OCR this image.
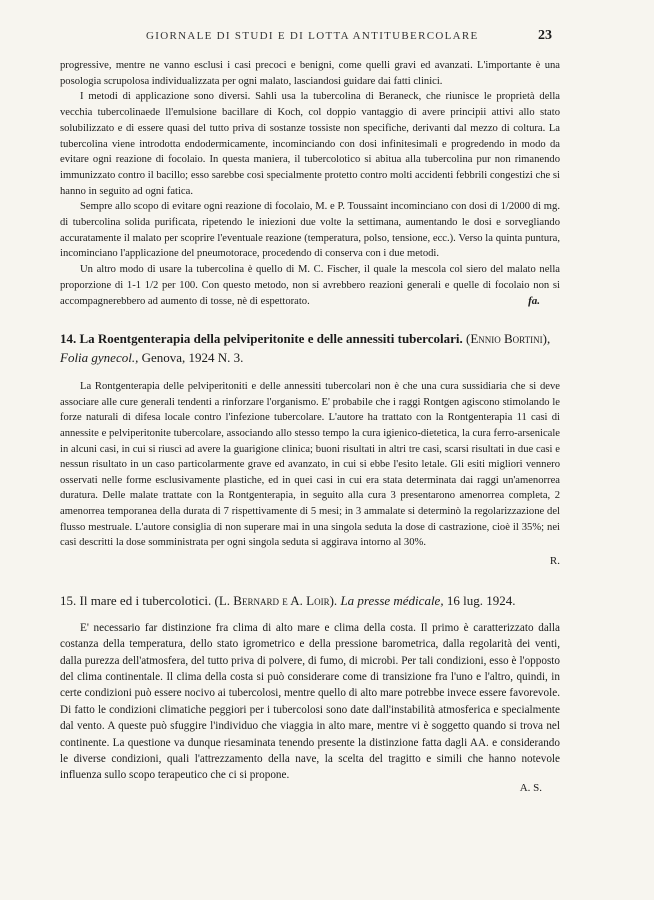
GIORNALE DI STUDI E DI LOTTA ANTITUBERCOLARE	23

progressive, mentre ne vanno esclusi i casi precoci e benigni, come quelli gravi ed avanzati. L'importante è una posologia scrupolosa individualizzata per ogni malato, lasciandosi guidare dai fatti clinici.

I metodi di applicazione sono diversi. Sahli usa la tubercolina di Beraneck, che riunisce le proprietà della vecchia tubercolinaede ll'emulsione bacillare di Koch, col doppio vantaggio di avere principii attivi allo stato solubilizzato e di essere quasi del tutto priva di sostanze tossiste non specifiche, derivanti dal mezzo di coltura. La tubercolina viene introdotta endodermicamente, incominciando con dosi infinitesimali e progredendo in modo da evitare ogni reazione di focolaio. In questa maniera, il tubercolotico si abitua alla tubercolina pur non rimanendo immunizzato contro il bacillo; esso sarebbe così specialmente protetto contro molti accidenti febbrili congestizi che si hanno in seguito ad ogni fatica.

Sempre allo scopo di evitare ogni reazione di focolaio, M. e P. Toussaint incominciano con dosi di 1/2000 di mg. di tubercolina solida purificata, ripetendo le iniezioni due volte la settimana, aumentando le dosi e sorvegliando accuratamente il malato per scoprire l'eventuale reazione (temperatura, polso, tensione, ecc.). Verso la quinta puntura, incominciano l'applicazione del pneumotorace, procedendo di conserva con i due metodi.

Un altro modo di usare la tubercolina è quello di M. C. Fischer, il quale la mescola col siero del malato nella proporzione di 1-1 1/2 per 100. Con questo metodo, non si avrebbero reazioni generali e quelle di focolaio non si accompagnerebbero ad aumento di tosse, nè di espettorato.	fa.
14. La Roentgenterapia della pelviperitonite e delle annessiti tubercolari. (Ennio Bortini), Folia gynecol., Genova, 1924 N. 3.

La Rontgenterapia delle pelviperitoniti e delle annessiti tubercolari non è che una cura sussidiaria che si deve associare alle cure generali tendenti a rinforzare l'organismo. E' probabile che i raggi Rontgen agiscono stimolando le forze naturali di difesa locale contro l'infezione tubercolare. L'autore ha trattato con la Rontgenterapia 11 casi di annessite e pelviperitonite tubercolare, associando allo stesso tempo la cura igienico-dietetica, la cura ferro-arsenicale in alcuni casi, in cui si riuscì ad avere la guarigione clinica; buoni risultati in altri tre casi, scarsi risultati in due casi e nessun risultato in un caso particolarmente grave ed avanzato, in cui si ebbe l'esito letale. Gli esiti migliori vennero osservati nelle forme esclusivamente plastiche, ed in quei casi in cui era stata determinata dai raggi un'amenorrea duratura. Delle malate trattate con la Rontgenterapia, in seguito alla cura 3 presentarono amenorrea completa, 2 amenorrea temporanea della durata di 7 rispettivamente di 5 mesi; in 3 ammalate si determinò la regolarizzazione del flusso mestruale. L'autore consiglia di non superare mai in una singola seduta la dose di castrazione, cioè il 35%; nei casi descritti la dose somministrata per ogni singola seduta si aggirava intorno al 30%.

R.
15. Il mare ed i tubercolotici. (L. Bernard e A. Loir). La presse médicale, 16 lug. 1924.

E' necessario far distinzione fra clima di alto mare e clima della costa. Il primo è caratterizzato dalla costanza della temperatura, dello stato igrometrico e della pressione barometrica, dalla regolarità dei venti, dalla purezza dell'atmosfera, del tutto priva di polvere, di fumo, di microbi. Per tali condizioni, esso è l'opposto del clima continentale. Il clima della costa si può considerare come di transizione fra l'uno e l'altro, quindi, in certe condizioni può essere nocivo ai tubercolosi, mentre quello di alto mare potrebbe invece essere favorevole. Di fatto le condizioni climatiche peggiori per i tubercolosi sono date dall'instabilità atmosferica e specialmente dal vento. A queste può sfuggire l'individuo che viaggia in alto mare, mentre vi è soggetto quando si trova nel continente. La questione va dunque riesaminata tenendo presente la distinzione fatta dagli AA. e considerando le diverse condizioni, quali l'attrezzamento della nave, la scelta del tragitto e simili che hanno notevole influenza sullo scopo terapeutico che ci si propone.

A. S.
